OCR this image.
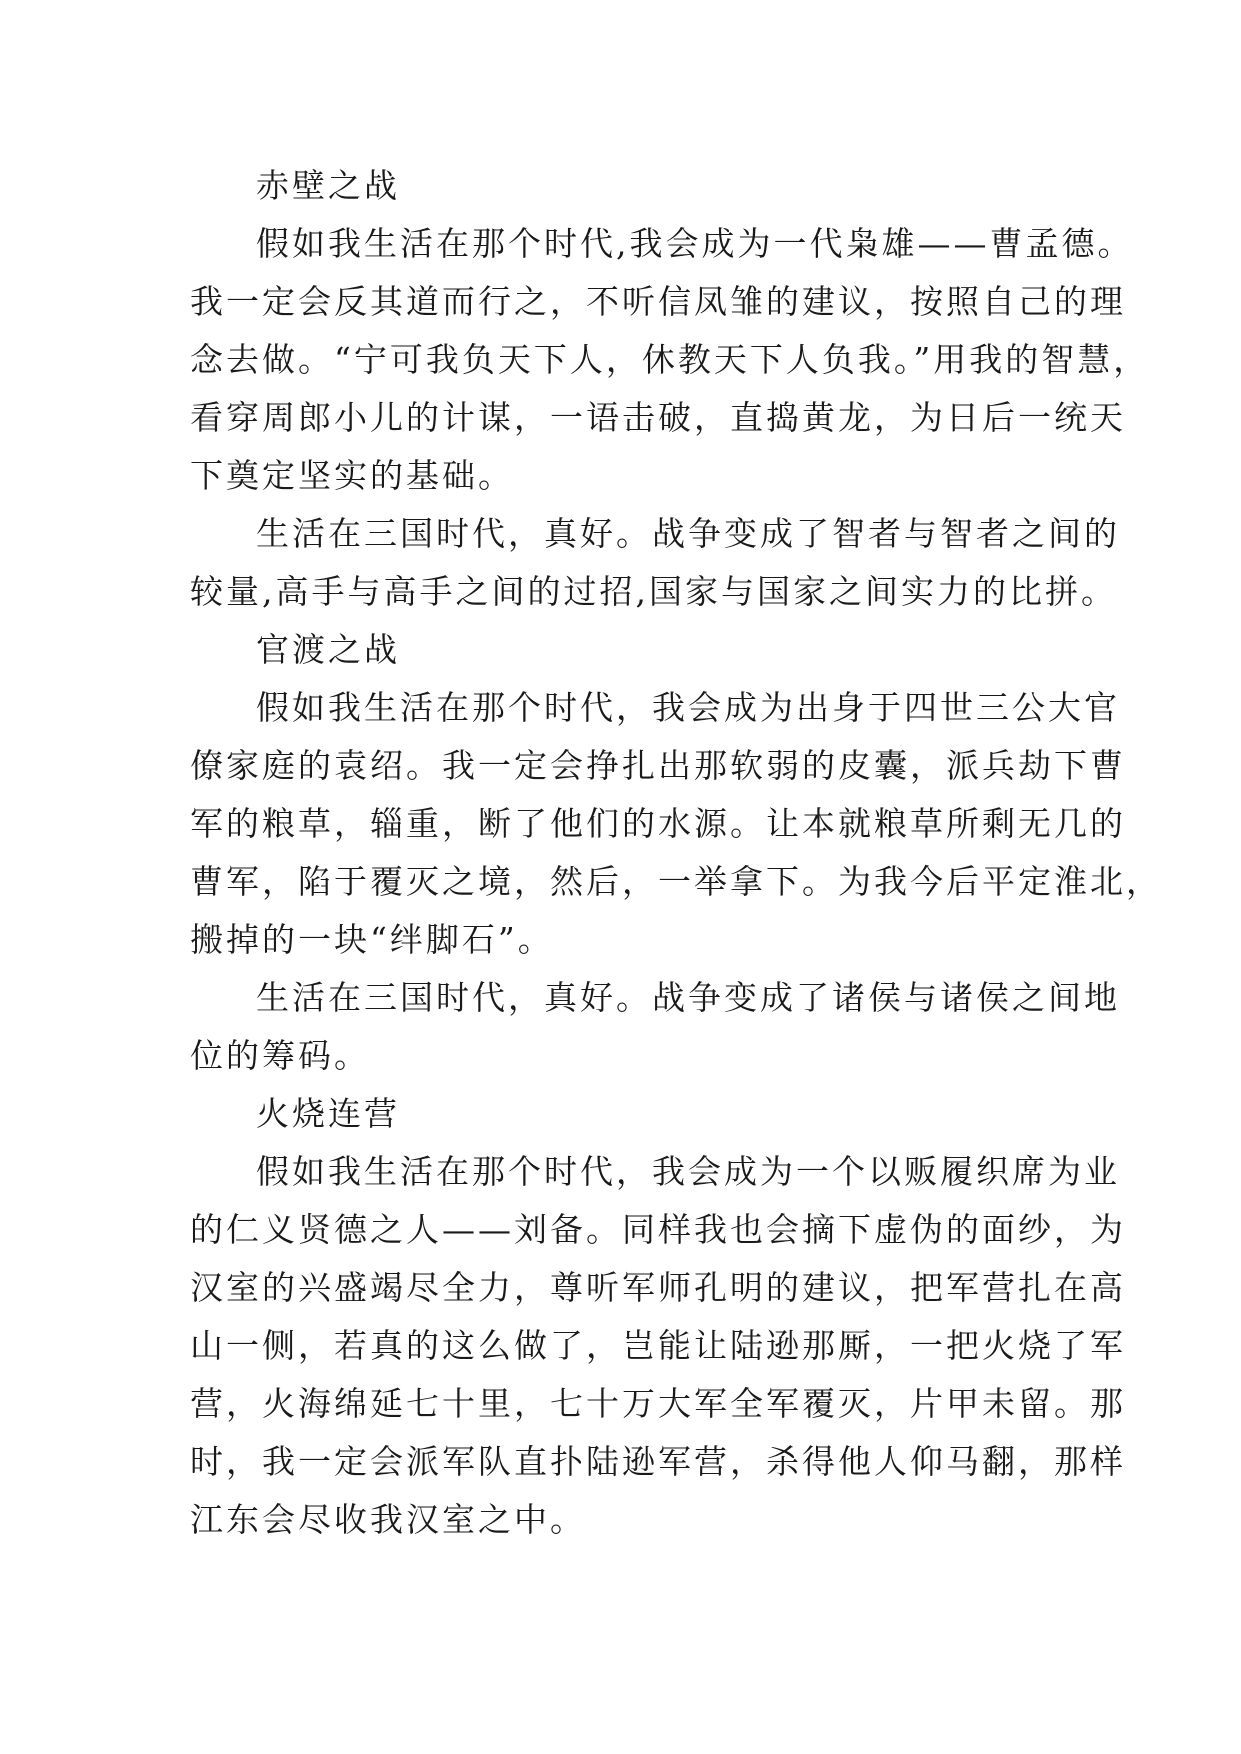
赤壁之战
假如我生活在那个时代,我会成为一代枭雄——曹孟德。
我一定会反其道而行之，不听信凤雏的建议，按照自己的理
念去做。“宁可我负天下人，休教天下人负我。”用我的智慧，
看穿周郎小儿的计谋，一语击破，直捣黄龙，为日后一统天
下奠定坚实的基础。
生活在三国时代，真好。战争变成了智者与智者之间的
较量,高手与高手之间的过招,国家与国家之间实力的比拼。
官渡之战
假如我生活在那个时代，我会成为出身于四世三公大官
僚家庭的袁绍。我一定会挣扎出那软弱的皮囊，派兵劫下曹
军的粮草，辎重，断了他们的水源。让本就粮草所剩无几的
曹军，陷于覆灭之境，然后，一举拿下。为我今后平定淮北，
搬掉的一块“绊脚石”。
生活在三国时代，真好。战争变成了诸侯与诸侯之间地
位的筹码。
火烧连营
假如我生活在那个时代，我会成为一个以贩履织席为业
的仁义贤德之人——刘备。同样我也会摘下虚伪的面纱，为
汉室的兴盛竭尽全力，尊听军师孔明的建议，把军营扎在高
山一侧，若真的这么做了，岂能让陆逊那厮，一把火烧了军
营，火海绵延七十里，七十万大军全军覆灭，片甲未留。那
时，我一定会派军队直扑陆逊军营，杀得他人仰马翻，那样
江东会尽收我汉室之中。
